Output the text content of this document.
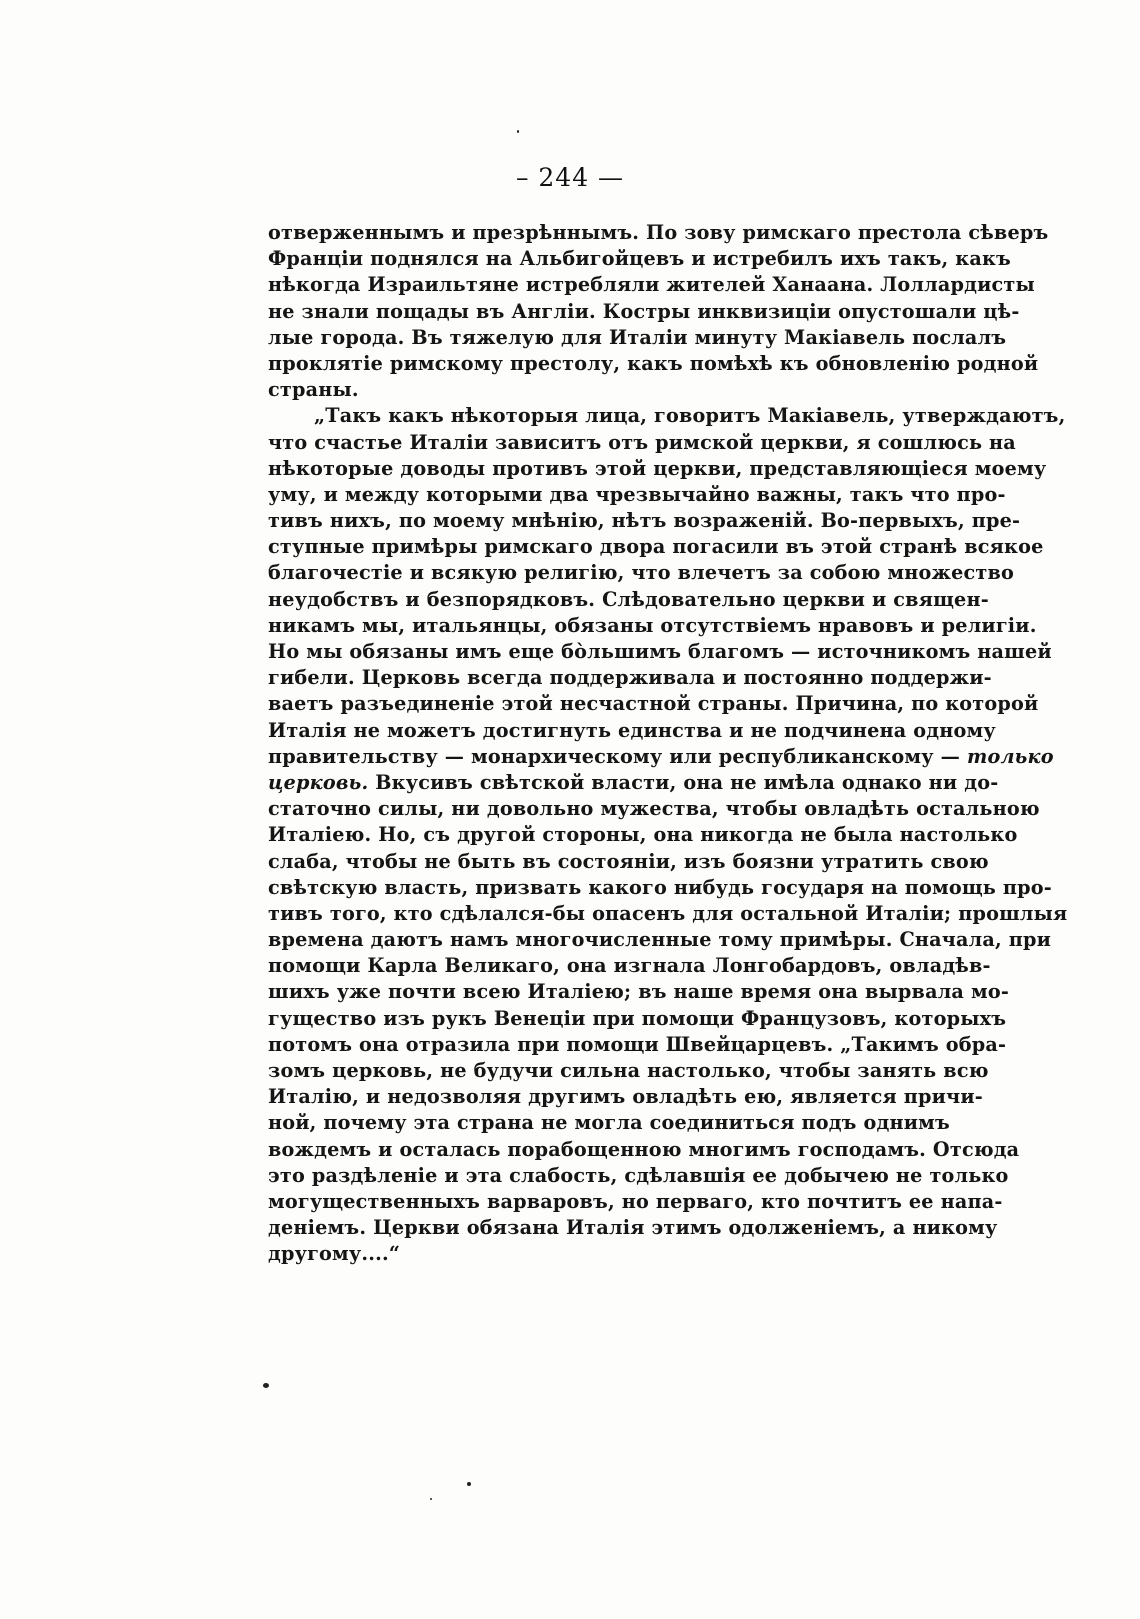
– 244 —
отверженнымъ и презрѣннымъ. По зову римскаго престола сѣверъ
Франціи поднялся на Альбигойцевъ и истребилъ ихъ такъ, какъ
нѣкогда Израильтяне истребляли жителей Ханаана. Лоллардисты
не знали пощады въ Англіи. Костры инквизиціи опустошали цѣ-
лые города. Въ тяжелую для Италіи минуту Макіавель послалъ
проклятіе римскому престолу, какъ помѣхѣ къ обновленію родной
страны.
„Такъ какъ нѣкоторыя лица, говоритъ Макіавель, утверждаютъ,
что счастье Италіи зависитъ отъ римской церкви, я сошлюсь на
нѣкоторые доводы противъ этой церкви, представляющіеся моему
уму, и между которыми два чрезвычайно важны, такъ что про-
тивъ нихъ, по моему мнѣнію, нѣтъ возраженій. Во-первыхъ, пре-
ступные примѣры римскаго двора погасили въ этой странѣ всякое
благочестіе и всякую религію, что влечетъ за собою множество
неудобствъ и безпорядковъ. Слѣдовательно церкви и священ-
никамъ мы, итальянцы, обязаны отсутствіемъ нравовъ и религіи.
Но мы обязаны имъ еще бо̀льшимъ благомъ — источникомъ нашей
гибели. Церковь всегда поддерживала и постоянно поддержи-
ваетъ разъединеніе этой несчастной страны. Причина, по которой
Италія не можетъ достигнуть единства и не подчинена одному
правительству — монархическому или республиканскому — только
церковь. Вкусивъ свѣтской власти, она не имѣла однако ни до-
статочно силы, ни довольно мужества, чтобы овладѣть остальною
Италіею. Но, съ другой стороны, она никогда не была настолько
слаба, чтобы не быть въ состояніи, изъ боязни утратить свою
свѣтскую власть, призвать какого нибудь государя на помощь про-
тивъ того, кто сдѣлался-бы опасенъ для остальной Италіи; прошлыя
времена даютъ намъ многочисленные тому примѣры. Сначала, при
помощи Карла Великаго, она изгнала Лонгобардовъ, овладѣв-
шихъ уже почти всею Италіею; въ наше время она вырвала мо-
гущество изъ рукъ Венеціи при помощи Французовъ, которыхъ
потомъ она отразила при помощи Швейцарцевъ. „Такимъ обра-
зомъ церковь, не будучи сильна настолько, чтобы занять всю
Италію, и недозволяя другимъ овладѣть ею, является причи-
ной, почему эта страна не могла соединиться подъ однимъ
вождемъ и осталась порабощенною многимъ господамъ. Отсюда
это раздѣленіе и эта слабость, сдѣлавшія ее добычею не только
могущественныхъ варваровъ, но перваго, кто почтитъ ее напа-
деніемъ. Церкви обязана Италія этимъ одолженіемъ, а никому
другому....“
